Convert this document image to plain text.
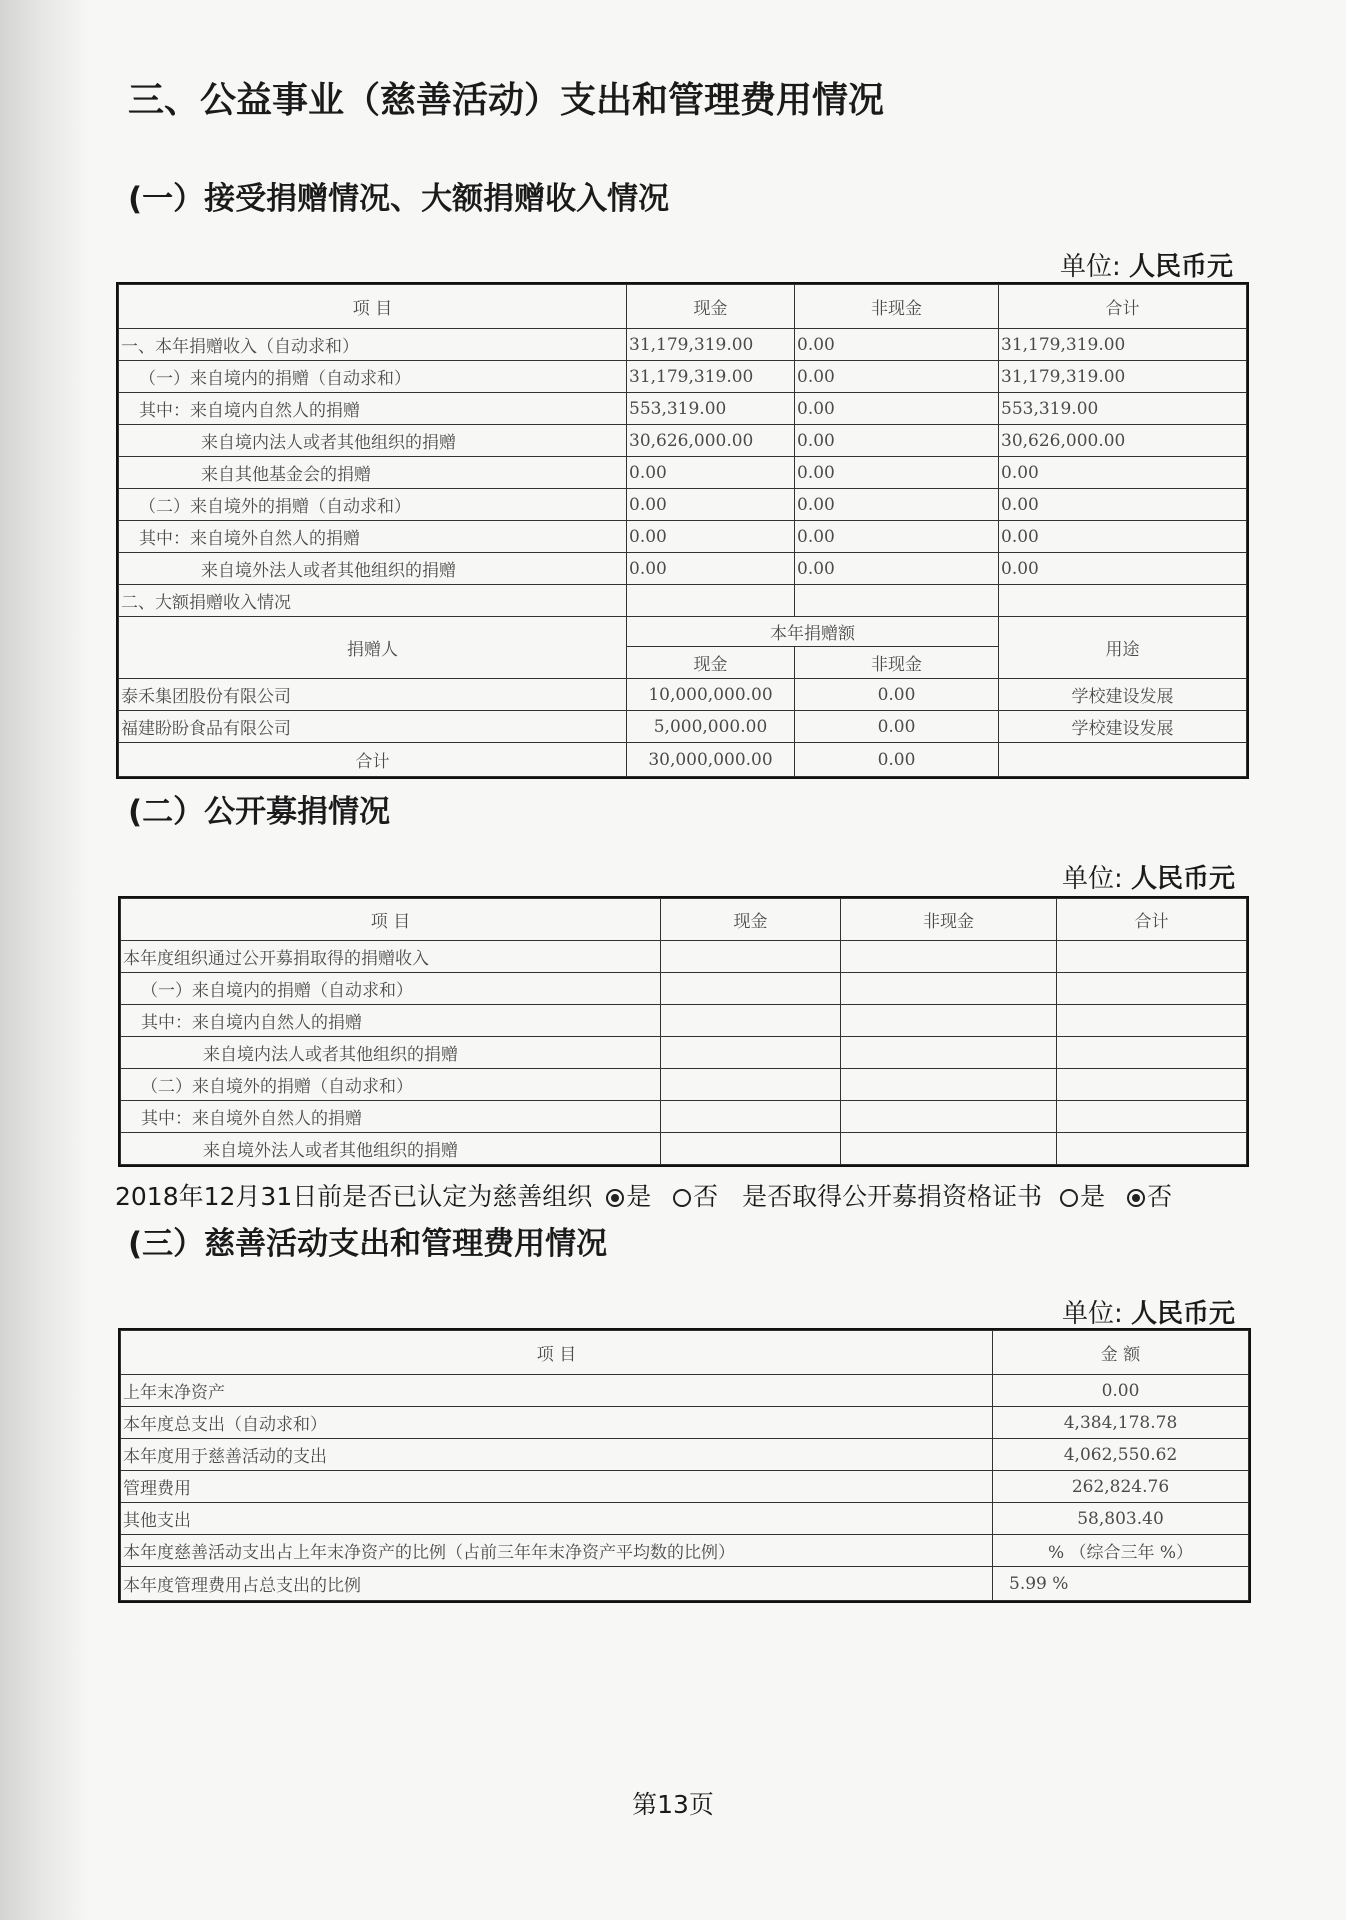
三、公益事业（慈善活动）支出和管理费用情况
(一）接受捐赠情况、大额捐赠收入情况
单位: 人民币元
项 目	现金	非现金	合计
一、本年捐赠收入（自动求和）	31,179,319.00	0.00	31,179,319.00
（一）来自境内的捐赠（自动求和）	31,179,319.00	0.00	31,179,319.00
其中：来自境内自然人的捐赠	553,319.00	0.00	553,319.00
来自境内法人或者其他组织的捐赠	30,626,000.00	0.00	30,626,000.00
来自其他基金会的捐赠	0.00	0.00	0.00
（二）来自境外的捐赠（自动求和）	0.00	0.00	0.00
其中：来自境外自然人的捐赠	0.00	0.00	0.00
来自境外法人或者其他组织的捐赠	0.00	0.00	0.00
二、大额捐赠收入情况			
捐赠人	本年捐赠额		用途
	现金	非现金	
泰禾集团股份有限公司	10,000,000.00	0.00	学校建设发展
福建盼盼食品有限公司	5,000,000.00	0.00	学校建设发展
合计	30,000,000.00	0.00	
(二）公开募捐情况
单位: 人民币元
项 目	现金	非现金	合计
本年度组织通过公开募捐取得的捐赠收入			
（一）来自境内的捐赠（自动求和）			
其中：来自境内自然人的捐赠			
来自境内法人或者其他组织的捐赠			
（二）来自境外的捐赠（自动求和）			
其中：来自境外自然人的捐赠			
来自境外法人或者其他组织的捐赠			
2018年12月31日前是否已认定为慈善组织 是 否 是否取得公开募捐资格证书 是 否
(三）慈善活动支出和管理费用情况
单位: 人民币元
项 目	金 额
上年末净资产	0.00
本年度总支出（自动求和）	4,384,178.78
本年度用于慈善活动的支出	4,062,550.62
管理费用	262,824.76
其他支出	58,803.40
本年度慈善活动支出占上年末净资产的比例（占前三年年末净资产平均数的比例）	% （综合三年 %）
本年度管理费用占总支出的比例	5.99 %
第13页
